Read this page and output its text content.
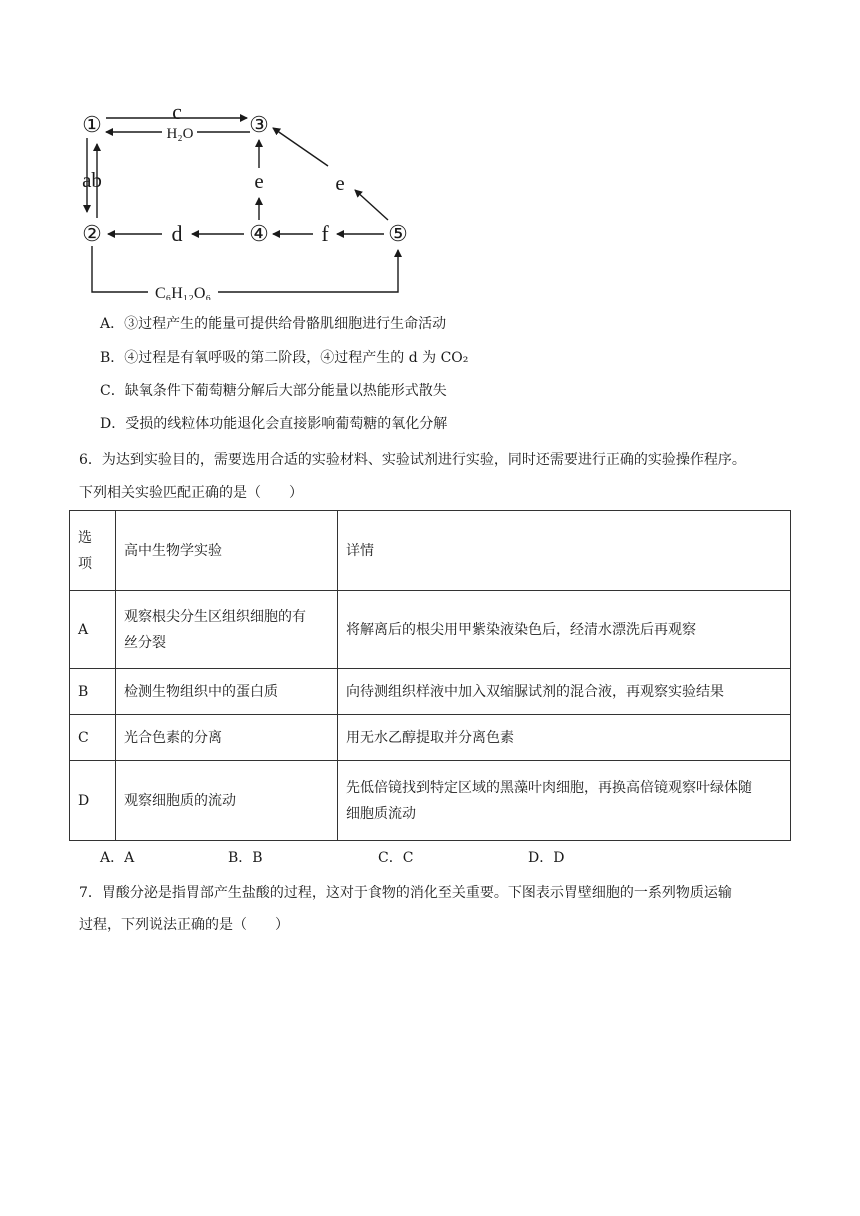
①
②
③
④	⑤
c
H₂O
ab	e	e
d	f
C₆H₁₂O₆
A．③过程产生的能量可提供给骨骼肌细胞进行生命活动
B．④过程是有氧呼吸的第二阶段，④过程产生的 d 为 CO₂
C．缺氧条件下葡萄糖分解后大部分能量以热能形式散失
D．受损的线粒体功能退化会直接影响葡萄糖的氧化分解
6．为达到实验目的，需要选用合适的实验材料、实验试剂进行实验，同时还需要进行正确的实验操作程序。
下列相关实验匹配正确的是（　　）
选
项	高中生物学实验	详情
A	观察根尖分生区组织细胞的有
丝分裂	将解离后的根尖用甲紫染液染色后，经清水漂洗后再观察
B	检测生物组织中的蛋白质	向待测组织样液中加入双缩脲试剂的混合液，再观察实验结果
C	光合色素的分离	用无水乙醇提取并分离色素
D	观察细胞质的流动	先低倍镜找到特定区域的黑藻叶肉细胞，再换高倍镜观察叶绿体随
细胞质流动
A．A	B．B	C．C	D．D
7．胃酸分泌是指胃部产生盐酸的过程，这对于食物的消化至关重要。下图表示胃壁细胞的一系列物质运输
过程，下列说法正确的是（　　）
